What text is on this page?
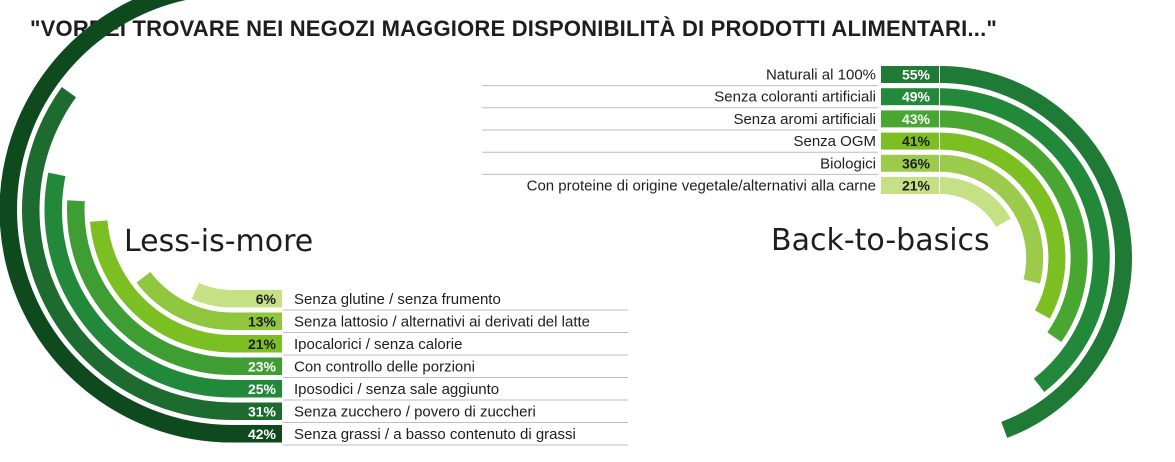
"VORREI TROVARE NEI NEGOZI MAGGIORE DISPONIBILITÀ DI PRODOTTI ALIMENTARI..."
55%
Naturali al 100%
49%
Senza coloranti artificiali
43%
Senza aromi artificiali
41%
Senza OGM
36%
Biologici
21%
Con proteine di origine vegetale/alternativi alla carne
6% Senza glutine / senza frumento
13% Senza lattosio / alternativi ai derivati del latte
21% Ipocalorici / senza calorie
23% Con controllo delle porzioni
25% Iposodici / senza sale aggiunto
31% Senza zucchero / povero di zuccheri
42% Senza grassi / a basso contenuto di grassi
Back-to-basics
Less-is-more
